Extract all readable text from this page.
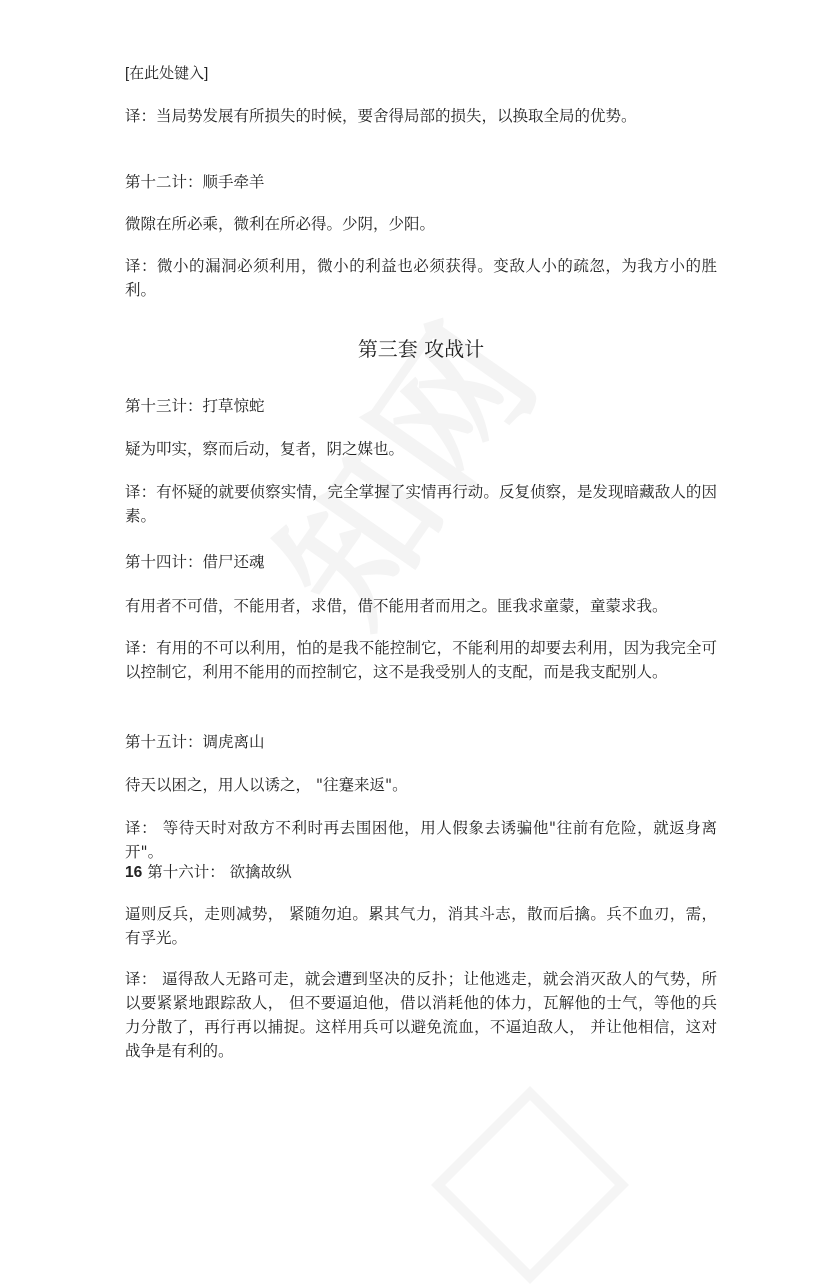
[在此处键入]

译：当局势发展有所损失的时候，要舍得局部的损失，以换取全局的优势。

第十二计：顺手牵羊

微隙在所必乘，微利在所必得。少阴，少阳。

译：微小的漏洞必须利用，微小的利益也必须获得。变敌人小的疏忽，为我方小的胜利。

第三套 攻战计

第十三计：打草惊蛇

疑为叩实，察而后动，复者，阴之媒也。

译：有怀疑的就要侦察实情，完全掌握了实情再行动。反复侦察，是发现暗藏敌人的因素。

第十四计：借尸还魂

有用者不可借，不能用者，求借，借不能用者而用之。匪我求童蒙，童蒙求我。

译：有用的不可以利用，怕的是我不能控制它，不能利用的却要去利用，因为我完全可以控制它，利用不能用的而控制它，这不是我受别人的支配，而是我支配别人。

第十五计：调虎离山

待天以困之，用人以诱之， "往蹇来返"。

译： 等待天时对敌方不利时再去围困他，用人假象去诱骗他"往前有危险，就返身离开"。

16 第十六计： 欲擒故纵

逼则反兵，走则减势， 紧随勿迫。累其气力，消其斗志，散而后擒。兵不血刃，需，有孚光。

译： 逼得敌人无路可走，就会遭到坚决的反扑；让他逃走，就会消灭敌人的气势，所以要紧紧地跟踪敌人， 但不要逼迫他，借以消耗他的体力，瓦解他的士气，等他的兵力分散了，再行再以捕捉。这样用兵可以避免流血，不逼迫敌人， 并让他相信，这对战争是有利的。
